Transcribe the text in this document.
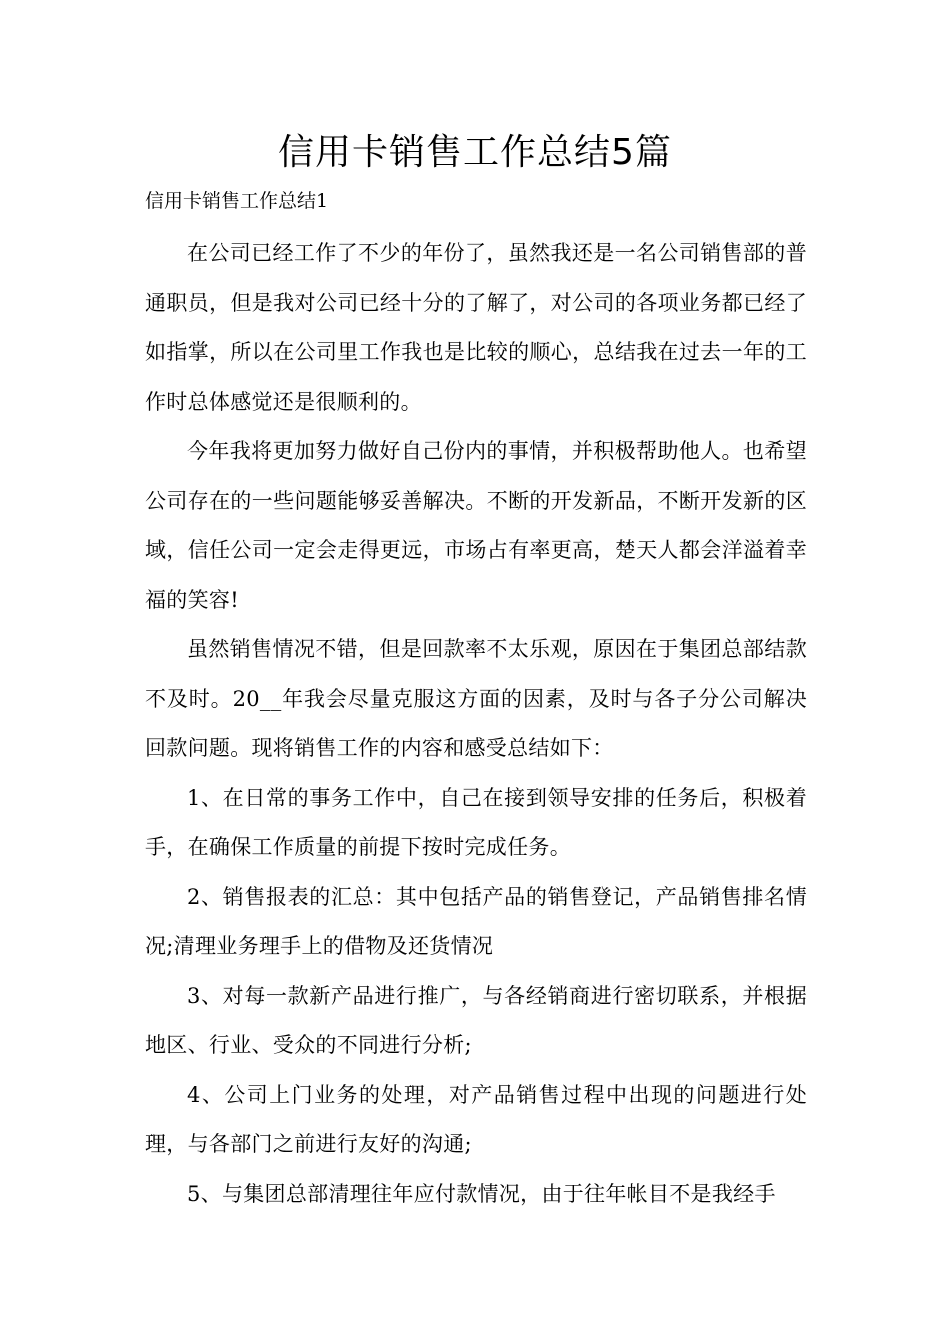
信用卡销售工作总结5篇

信用卡销售工作总结1

在公司已经工作了不少的年份了，虽然我还是一名公司销售部的普通职员，但是我对公司已经十分的了解了，对公司的各项业务都已经了如指掌，所以在公司里工作我也是比较的顺心，总结我在过去一年的工作时总体感觉还是很顺利的。

今年我将更加努力做好自己份内的事情，并积极帮助他人。也希望公司存在的一些问题能够妥善解决。不断的开发新品，不断开发新的区域，信任公司一定会走得更远，市场占有率更高，楚天人都会洋溢着幸福的笑容!

虽然销售情况不错，但是回款率不太乐观，原因在于集团总部结款不及时。20__年我会尽量克服这方面的因素，及时与各子分公司解决回款问题。现将销售工作的内容和感受总结如下：

1、在日常的事务工作中，自己在接到领导安排的任务后，积极着手，在确保工作质量的前提下按时完成任务。

2、销售报表的汇总：其中包括产品的销售登记，产品销售排名情况;清理业务理手上的借物及还货情况

3、对每一款新产品进行推广，与各经销商进行密切联系，并根据地区、行业、受众的不同进行分析;

4、公司上门业务的处理，对产品销售过程中出现的问题进行处理，与各部门之前进行友好的沟通;

5、与集团总部清理往年应付款情况，由于往年帐目不是我经手
